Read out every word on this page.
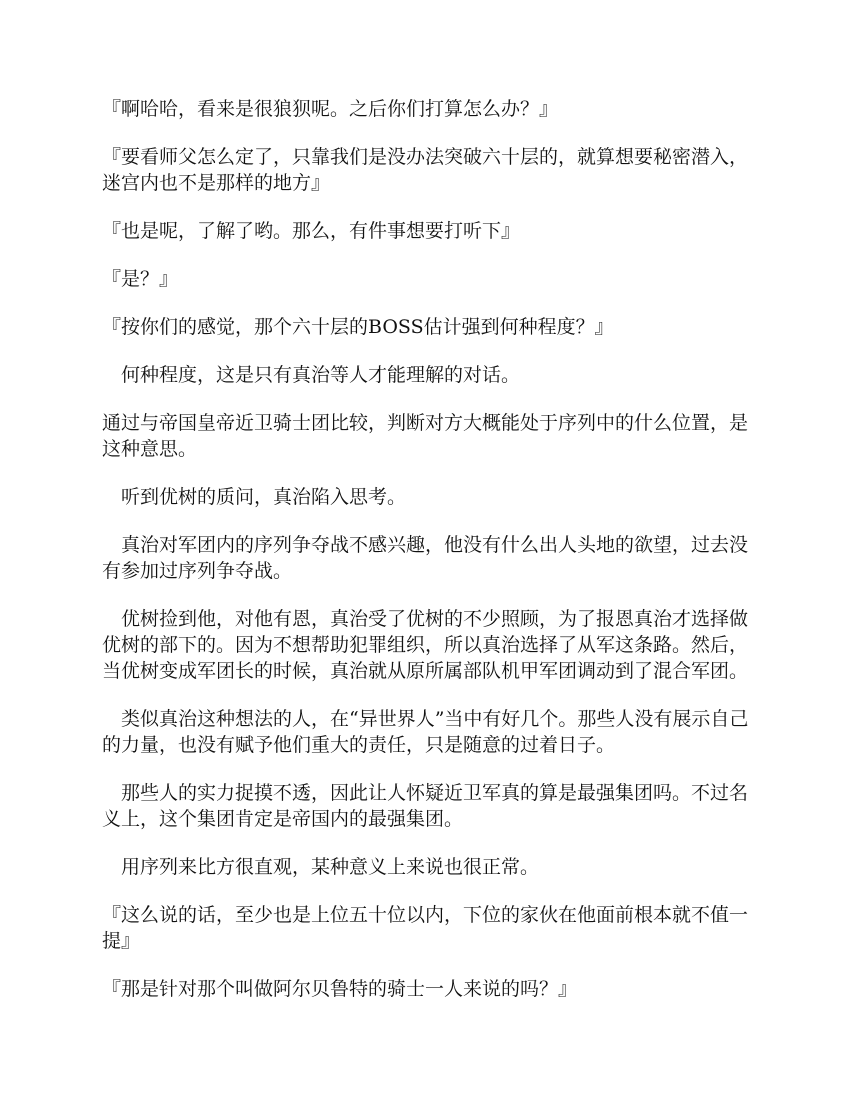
『啊哈哈，看来是很狼狈呢。之后你们打算怎么办？』

『要看师父怎么定了，只靠我们是没办法突破六十层的，就算想要秘密潜入，迷宫内也不是那样的地方』

『也是呢，了解了哟。那么，有件事想要打听下』

『是？』

『按你们的感觉，那个六十层的BOSS估计强到何种程度？』

何种程度，这是只有真治等人才能理解的对话。

通过与帝国皇帝近卫骑士团比较，判断对方大概能处于序列中的什么位置，是这种意思。

听到优树的质问，真治陷入思考。

真治对军团内的序列争夺战不感兴趣，他没有什么出人头地的欲望，过去没有参加过序列争夺战。

优树捡到他，对他有恩，真治受了优树的不少照顾，为了报恩真治才选择做优树的部下的。因为不想帮助犯罪组织，所以真治选择了从军这条路。然后，当优树变成军团长的时候，真治就从原所属部队机甲军团调动到了混合军团。

类似真治这种想法的人，在“异世界人”当中有好几个。那些人没有展示自己的力量，也没有赋予他们重大的责任，只是随意的过着日子。

那些人的实力捉摸不透，因此让人怀疑近卫军真的算是最强集团吗。不过名义上，这个集团肯定是帝国内的最强集团。

用序列来比方很直观，某种意义上来说也很正常。

『这么说的话，至少也是上位五十位以内，下位的家伙在他面前根本就不值一提』

『那是针对那个叫做阿尔贝鲁特的骑士一人来说的吗？』
